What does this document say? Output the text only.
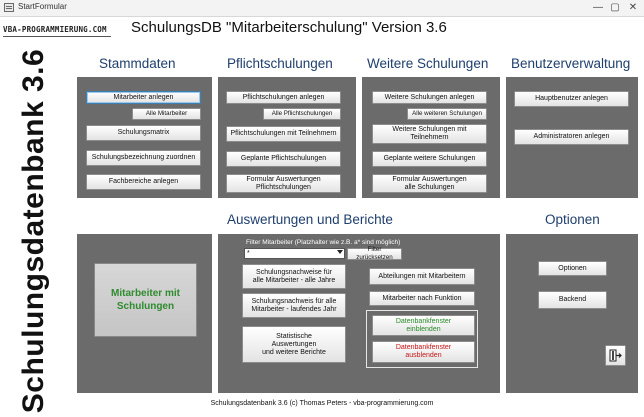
StartFormular	— ▢ ✕
VBA-PROGRAMMIERUNG.COM SchulungsDB "Mitarbeiterschulung" Version 3.6
Schulungsdatenbank 3.6	Stammdaten	Pflichtschulungen	Weitere Schulungen Benutzerverwaltung
Auswertungen und Berichte	Optionen
Mitarbeiter anlegen
Alle Mitarbeiter
Schulungsmatrix
Schulungsbezeichnung zuordnen
Fachbereiche anlegen
Pflichtschulungen anlegen
Alle Pflichtschulungen
Pflichtschulungen mit Teilnehmern
Geplante Pflichtschulungen
Formular Auswertungen
Pflichtschulungen
Weitere Schulungen anlegen
Alle weiteren Schulungen
Weitere Schulungen mit
Teilnehmern
Geplante weitere Schulungen
Formular Auswertungen
alle Schulungen
Hauptbenutzer anlegen
Administratoren anlegen
Mitarbeiter mit
Schulungen
Filter Mitarbeiter (Platzhalter wie z.B. a* sind möglich)
*
Filter zurücksetzen
Schulungsnachweise für
alle Mitarbeiter - alle Jahre
Schulungsnachweis für alle
Mitarbeiter - laufendes Jahr
Statistische
Auswertungen
und weitere Berichte
Abteilungen mit Mitarbeitern
Mitarbeiter nach Funktion
Datenbankfenster
einblenden
Datenbankfenster
ausblenden
Optionen
Backend
Schulungsdatenbank 3.6 (c) Thomas Peters - vba-programmierung.com
